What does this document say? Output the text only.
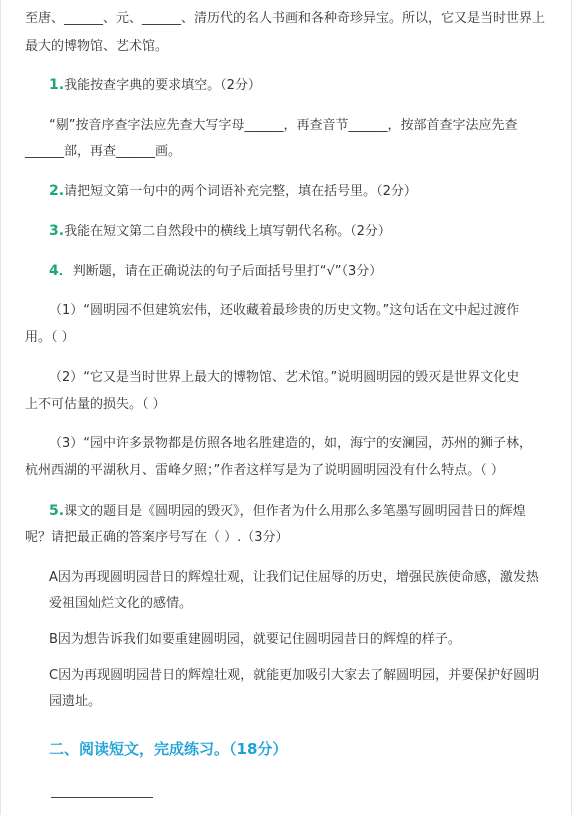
至唐、______、元、______、清历代的名人书画和各种奇珍异宝。所以，它又是当时世界上
最大的博物馆、艺术馆。
1.我能按查字典的要求填空。（2分）
“剔”按音序查字法应先查大写字母______，再查音节______，按部首查字法应先查
______部，再查______画。
2.请把短文第一句中的两个词语补充完整，填在括号里。（2分）
3.我能在短文第二自然段中的横线上填写朝代名称。（2分）
4．判断题，请在正确说法的句子后面括号里打“√”（3分）
（1）“圆明园不但建筑宏伟，还收藏着最珍贵的历史文物。”这句话在文中起过渡作
用。（ ）
（2）“它又是当时世界上最大的博物馆、艺术馆。”说明圆明园的毁灭是世界文化史
上不可估量的损失。（ ）
（3）“园中许多景物都是仿照各地名胜建造的，如，海宁的安澜园，苏州的狮子林，
杭州西湖的平湖秋月、雷峰夕照；”作者这样写是为了说明圆明园没有什么特点。（ ）
5.课文的题目是《圆明园的毁灭》，但作者为什么用那么多笔墨写圆明园昔日的辉煌
呢？请把最正确的答案序号写在（ ）.（3分）
A因为再现圆明园昔日的辉煌壮观，让我们记住屈辱的历史，增强民族使命感，激发热
爱祖国灿烂文化的感情。
B因为想告诉我们如要重建圆明园，就要记住圆明园昔日的辉煌的样子。
C因为再现圆明园昔日的辉煌壮观，就能更加吸引大家去了解圆明园，并要保护好圆明
园遗址。
二、阅读短文，完成练习。（18分）
